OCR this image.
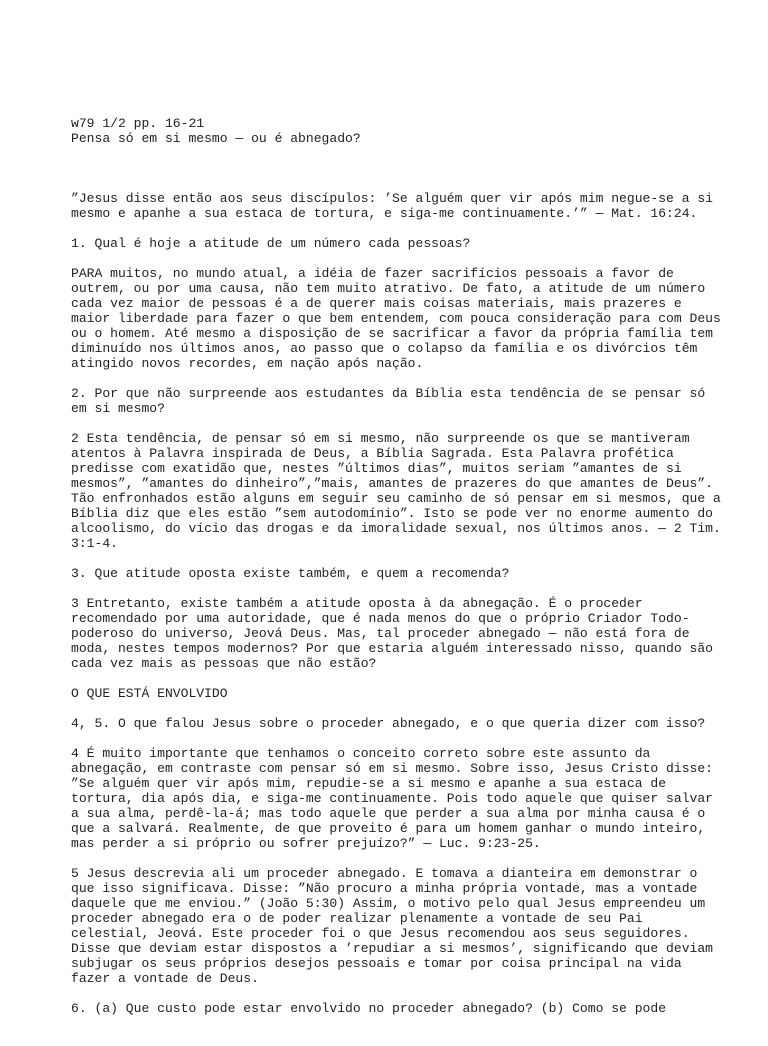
w79 1/2 pp. 16-21
Pensa só em si mesmo — ou é abnegado?

”Jesus disse então aos seus discípulos: ’Se alguém quer vir após mim negue-se a si
mesmo e apanhe a sua estaca de tortura, e siga-me continuamente.’” — Mat. 16:24.
1. Qual é hoje a atitude de um número cada pessoas?
PARA muitos, no mundo atual, a idéia de fazer sacrifícios pessoais a favor de
outrem, ou por uma causa, não tem muito atrativo. De fato, a atitude de um número
cada vez maior de pessoas é a de querer mais coisas materiais, mais prazeres e
maior liberdade para fazer o que bem entendem, com pouca consideração para com Deus
ou o homem. Até mesmo a disposição de se sacrificar a favor da própria família tem
diminuído nos últimos anos, ao passo que o colapso da família e os divórcios têm
atingido novos recordes, em nação após nação.
2. Por que não surpreende aos estudantes da Bíblia esta tendência de se pensar só
em si mesmo?
2 Esta tendência, de pensar só em si mesmo, não surpreende os que se mantiveram
atentos à Palavra inspirada de Deus, a Bíblia Sagrada. Esta Palavra profética
predisse com exatidão que, nestes ”últimos dias”, muitos seriam ”amantes de si
mesmos”, ”amantes do dinheiro”,”mais, amantes de prazeres do que amantes de Deus”.
Tão enfronhados estão alguns em seguir seu caminho de só pensar em si mesmos, que a
Bíblia diz que eles estão ”sem autodomínio”. Isto se pode ver no enorme aumento do
alcoolismo, do vício das drogas e da imoralidade sexual, nos últimos anos. — 2 Tim.
3:1-4.
3. Que atitude oposta existe também, e quem a recomenda?
3 Entretanto, existe também a atitude oposta à da abnegação. É o proceder
recomendado por uma autoridade, que é nada menos do que o próprio Criador Todo-
poderoso do universo, Jeová Deus. Mas, tal proceder abnegado — não está fora de
moda, nestes tempos modernos? Por que estaria alguém interessado nisso, quando são
cada vez mais as pessoas que não estão?
O QUE ESTÁ ENVOLVIDO
4, 5. O que falou Jesus sobre o proceder abnegado, e o que queria dizer com isso?
4 É muito importante que tenhamos o conceito correto sobre este assunto da
abnegação, em contraste com pensar só em si mesmo. Sobre isso, Jesus Cristo disse:
”Se alguém quer vir após mim, repudie-se a si mesmo e apanhe a sua estaca de
tortura, dia após dia, e siga-me continuamente. Pois todo aquele que quiser salvar
a sua alma, perdê-la-á; mas todo aquele que perder a sua alma por minha causa é o
que a salvará. Realmente, de que proveito é para um homem ganhar o mundo inteiro,
mas perder a si próprio ou sofrer prejuízo?” — Luc. 9:23-25.
5 Jesus descrevia ali um proceder abnegado. E tomava a dianteira em demonstrar o
que isso significava. Disse: ”Não procuro a minha própria vontade, mas a vontade
daquele que me enviou.” (João 5:30) Assim, o motivo pelo qual Jesus empreendeu um
proceder abnegado era o de poder realizar plenamente a vontade de seu Pai
celestial, Jeová. Este proceder foi o que Jesus recomendou aos seus seguidores.
Disse que deviam estar dispostos a ’repudiar a si mesmos’, significando que deviam
subjugar os seus próprios desejos pessoais e tomar por coisa principal na vida
fazer a vontade de Deus.
6. (a) Que custo pode estar envolvido no proceder abnegado? (b) Como se pode
